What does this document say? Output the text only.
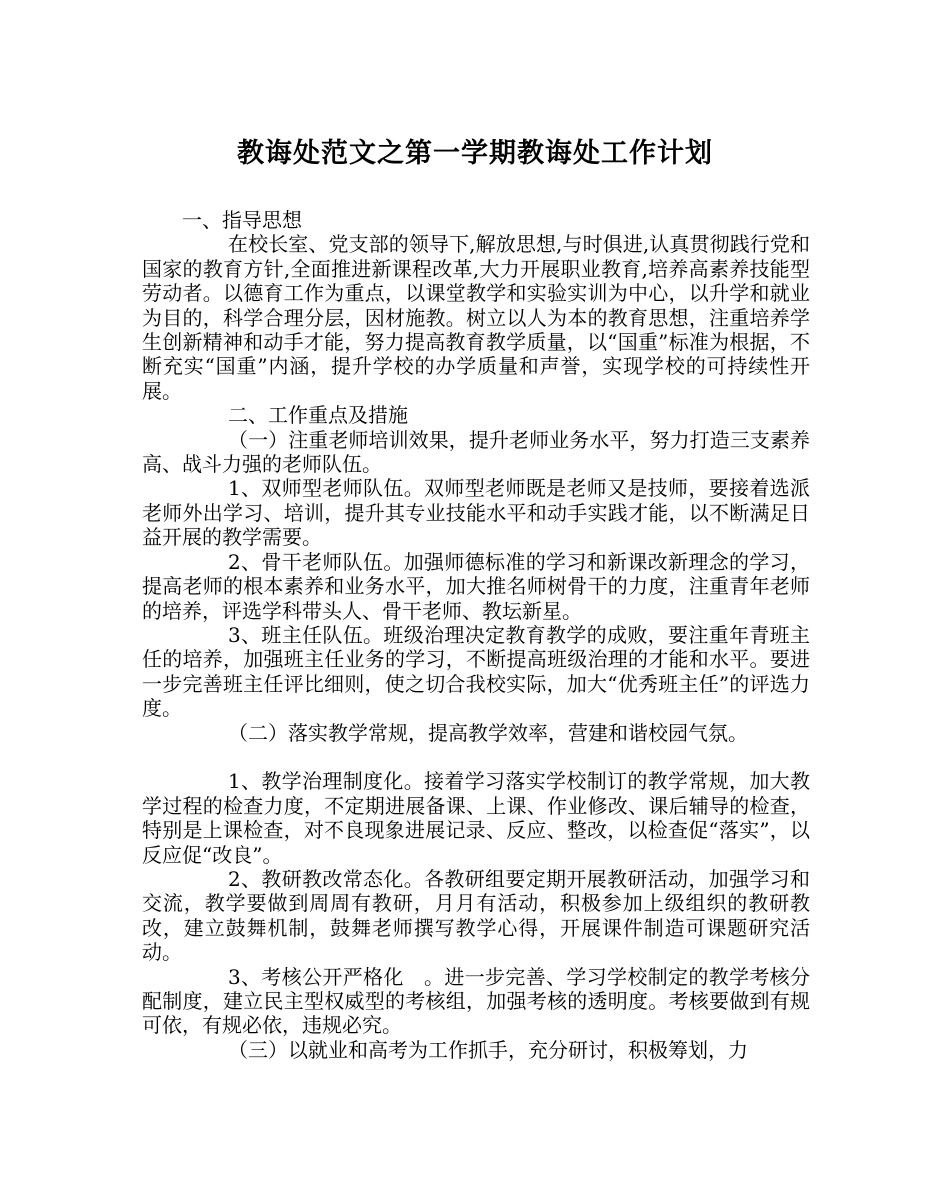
教诲处范文之第一学期教诲处工作计划

一、指导思想

在校长室、党支部的领导下,解放思想,与时俱进,认真贯彻践行党和国家的教育方针,全面推进新课程改革,大力开展职业教育,培养高素养技能型劳动者。以德育工作为重点，以课堂教学和实验实训为中心，以升学和就业为目的，科学合理分层，因材施教。树立以人为本的教育思想，注重培养学生创新精神和动手才能，努力提高教育教学质量，以“国重”标准为根据，不断充实“国重”内涵，提升学校的办学质量和声誉，实现学校的可持续性开展。

二、工作重点及措施

（一）注重老师培训效果，提升老师业务水平，努力打造三支素养高、战斗力强的老师队伍。

1、双师型老师队伍。双师型老师既是老师又是技师，要接着选派老师外出学习、培训，提升其专业技能水平和动手实践才能，以不断满足日益开展的教学需要。

2、骨干老师队伍。加强师德标准的学习和新课改新理念的学习，提高老师的根本素养和业务水平，加大推名师树骨干的力度，注重青年老师的培养，评选学科带头人、骨干老师、教坛新星。

3、班主任队伍。班级治理决定教育教学的成败，要注重年青班主任的培养，加强班主任业务的学习，不断提高班级治理的才能和水平。要进一步完善班主任评比细则，使之切合我校实际，加大“优秀班主任”的评选力度。

（二）落实教学常规，提高教学效率，营建和谐校园气氛。

1、教学治理制度化。接着学习落实学校制订的教学常规，加大教学过程的检查力度，不定期进展备课、上课、作业修改、课后辅导的检查，特别是上课检查，对不良现象进展记录、反应、整改，以检查促“落实”，以反应促“改良”。

2、教研教改常态化。各教研组要定期开展教研活动，加强学习和交流，教学要做到周周有教研，月月有活动，积极参加上级组织的教研教改，建立鼓舞机制，鼓舞老师撰写教学心得，开展课件制造可课题研究活动。

3、考核公开严格化　。进一步完善、学习学校制定的教学考核分配制度，建立民主型权威型的考核组，加强考核的透明度。考核要做到有规可依，有规必依，违规必究。

（三）以就业和高考为工作抓手，充分研讨，积极筹划，力
